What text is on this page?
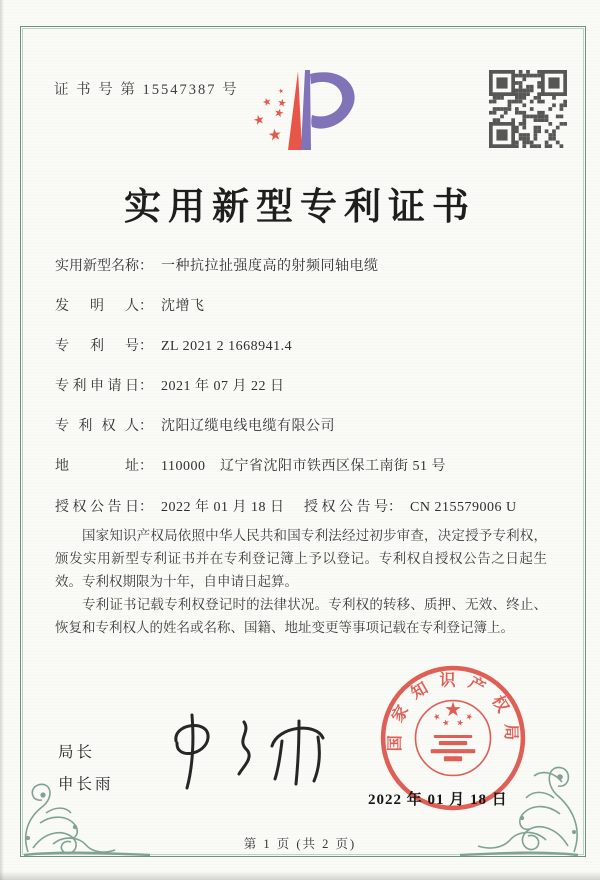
证 书 号 第 15547387 号
实用新型专利证书
实用新型名称： 一种抗拉扯强度高的射频同轴电缆
发明人： 沈增飞
专利号： ZL 2021 2 1668941.4
专利申请日： 2021 年 07 月 22 日
专利权人： 沈阳辽缆电线电缆有限公司
地址： 110000　辽宁省沈阳市铁西区保工南街 51 号
授权公告日： 2022 年 01 月 18 日 授权公告号： CN 215579006 U

国家知识产权局依照中华人民共和国专利法经过初步审查，决定授予专利权，颁发实用新型专利证书并在专利登记簿上予以登记。专利权自授权公告之日起生效。专利权期限为十年，自申请日起算。

专利证书记载专利权登记时的法律状况。专利权的转移、质押、无效、终止、恢复和专利权人的姓名或名称、国籍、地址变更等事项记载在专利登记簿上。

局长
申长雨
国家知识产权局
2022 年 01 月 18 日
第 1 页 (共 2 页)
